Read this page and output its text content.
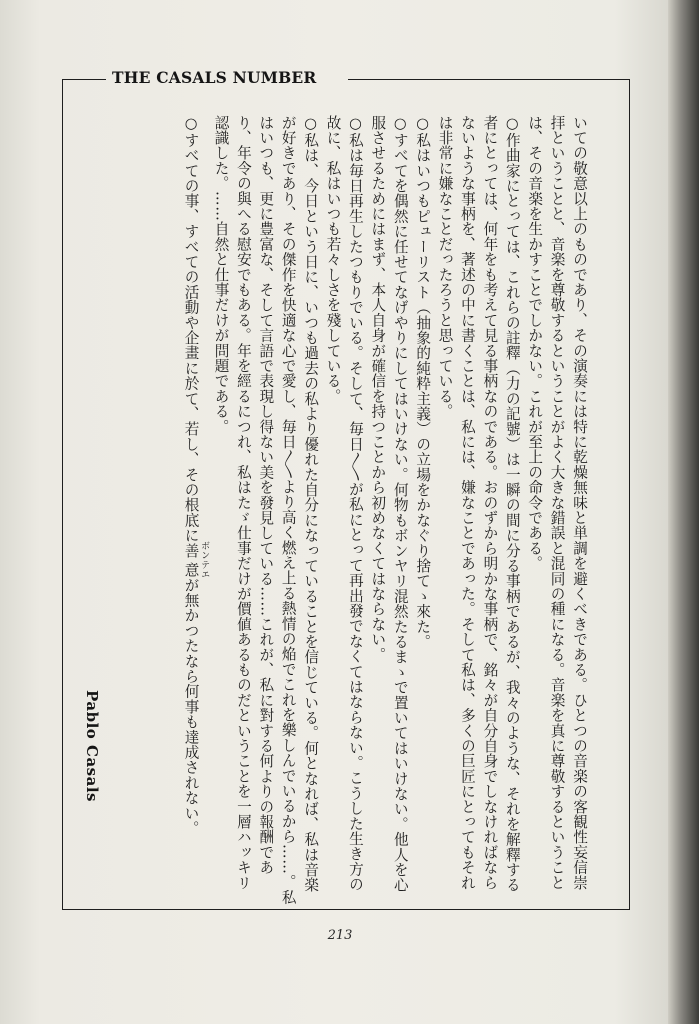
THE CASALS NUMBER

いての敬意以上のものであり、その演奏には特に乾燥無味と単調を避くべきである。ひとつの音楽の客観性妄信崇拝ということと、音楽を尊敬するということがよく大きな錯誤と混同の種になる。音楽を真に尊敬するということは、その音楽を生かすことでしかない。これが至上の命令である。

○作曲家にとっては、これらの註釋（力の記號）は一瞬の間に分る事柄であるが、我々のような、それを解釋する者にとっては、何年をも考えて見る事柄なのである。おのずから明かな事柄で、銘々が自分自身でしなければならないような事柄を、著述の中に書くことは、私には、嫌なことであった。そして私は、多くの巨匠にとってもそれは非常に嫌なことだったろうと思っている。

○私はいつもピューリスト（抽象的純粋主義）の立場をかなぐり捨てゝ來た。

○すべてを偶然に任せてなげやりにしてはいけない。何物もボンヤリ混然たるまゝで置いてはいけない。他人を心服させるためにはまず、本人自身が確信を持つことから初めなくてはならない。

○私は毎日再生したつもりでいる。そして、毎日〱が私にとって再出發でなくてはならない。こうした生き方の故に、私はいつも若々しさを殘している。

○私は、今日という日に、いつも過去の私より優れた自分になっていることを信じている。何となれば、私は音楽が好きであり、その傑作を快適な心で愛し、毎日〱より高く燃え上る熱情の焔でこれを樂しんでいるから……。私はいつも、更に豊富な、そして言語で表現し得ない美を發見している……これが、私に對する何よりの報酬であり、年令の與へる慰安でもある。年を經るにつれ、私はたゞ仕事だけが價値あるものだということを一層ハッキリ認識した。……自然と仕事だけが問題である。

○すべての事、すべての活動や企畫に於て、若し、その根底に善意 ボンテエが無かつたなら何事も達成されない。

Pablo Casals
213
